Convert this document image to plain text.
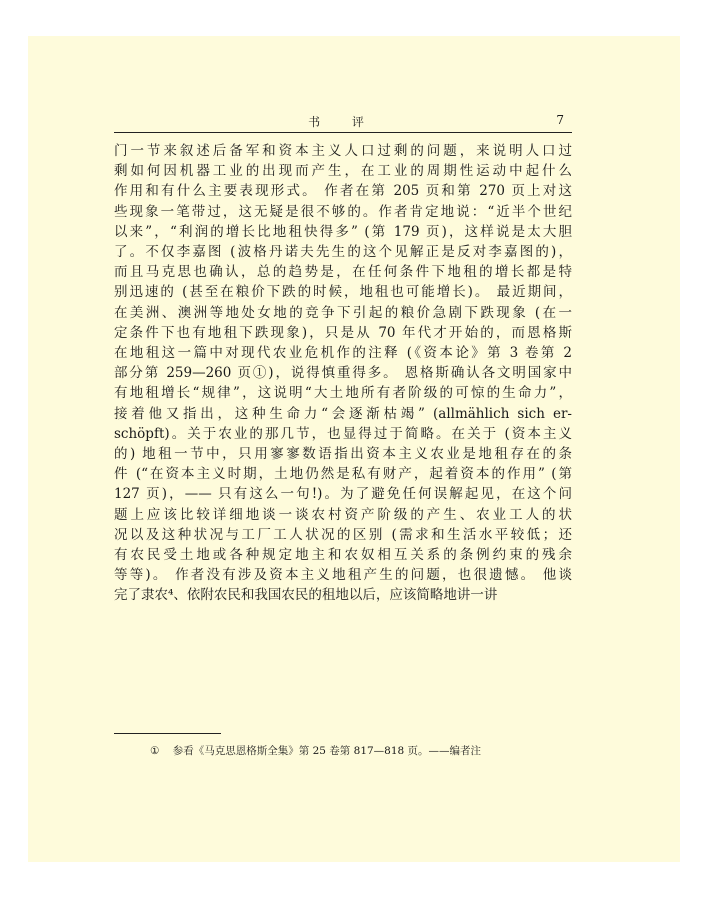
书 评	7
门一节来叙述后备军和资本主义人口过剩的问题，来说明人口过
剩如何因机器工业的出现而产生，在工业的周期性运动中起什么
作用和有什么主要表现形式。 作者在第 205 页和第 270 页上对这
些现象一笔带过，这无疑是很不够的。作者肯定地说：“近半个世纪
以来”，“利润的增长比地租快得多” (第 179 页)，这样说是太大胆
了。不仅李嘉图 (波格丹诺夫先生的这个见解正是反对李嘉图的)，
而且马克思也确认，总的趋势是，在任何条件下地租的增长都是特
别迅速的 (甚至在粮价下跌的时候，地租也可能增长)。 最近期间，
在美洲、澳洲等地处女地的竞争下引起的粮价急剧下跌现象 (在一
定条件下也有地租下跌现象)，只是从 70 年代才开始的，而恩格斯
在地租这一篇中对现代农业危机作的注释 (《资本论》第 3 卷第 2
部分第 259—260 页①)，说得慎重得多。 恩格斯确认各文明国家中
有地租增长“规律”，这说明“大土地所有者阶级的可惊的生命力”，
接着他又指出，这种生命力“会逐渐枯竭” (allmählich sich er-
schöpft)。关于农业的那几节，也显得过于简略。在关于 (资本主义
的) 地租一节中，只用寥寥数语指出资本主义农业是地租存在的条
件 (“在资本主义时期，土地仍然是私有财产，起着资本的作用” (第
127 页)，—— 只有这么一句!)。为了避免任何误解起见，在这个问
题上应该比较详细地谈一谈农村资产阶级的产生、农业工人的状
况以及这种状况与工厂工人状况的区别 (需求和生活水平较低；还
有农民受土地或各种规定地主和农奴相互关系的条例约束的残余
等等)。 作者没有涉及资本主义地租产生的问题，也很遗憾。 他谈
完了隶农⁴、依附农民和我国农民的租地以后，应该简略地讲一讲
① 参看《马克思恩格斯全集》第 25 卷第 817—818 页。——编者注
